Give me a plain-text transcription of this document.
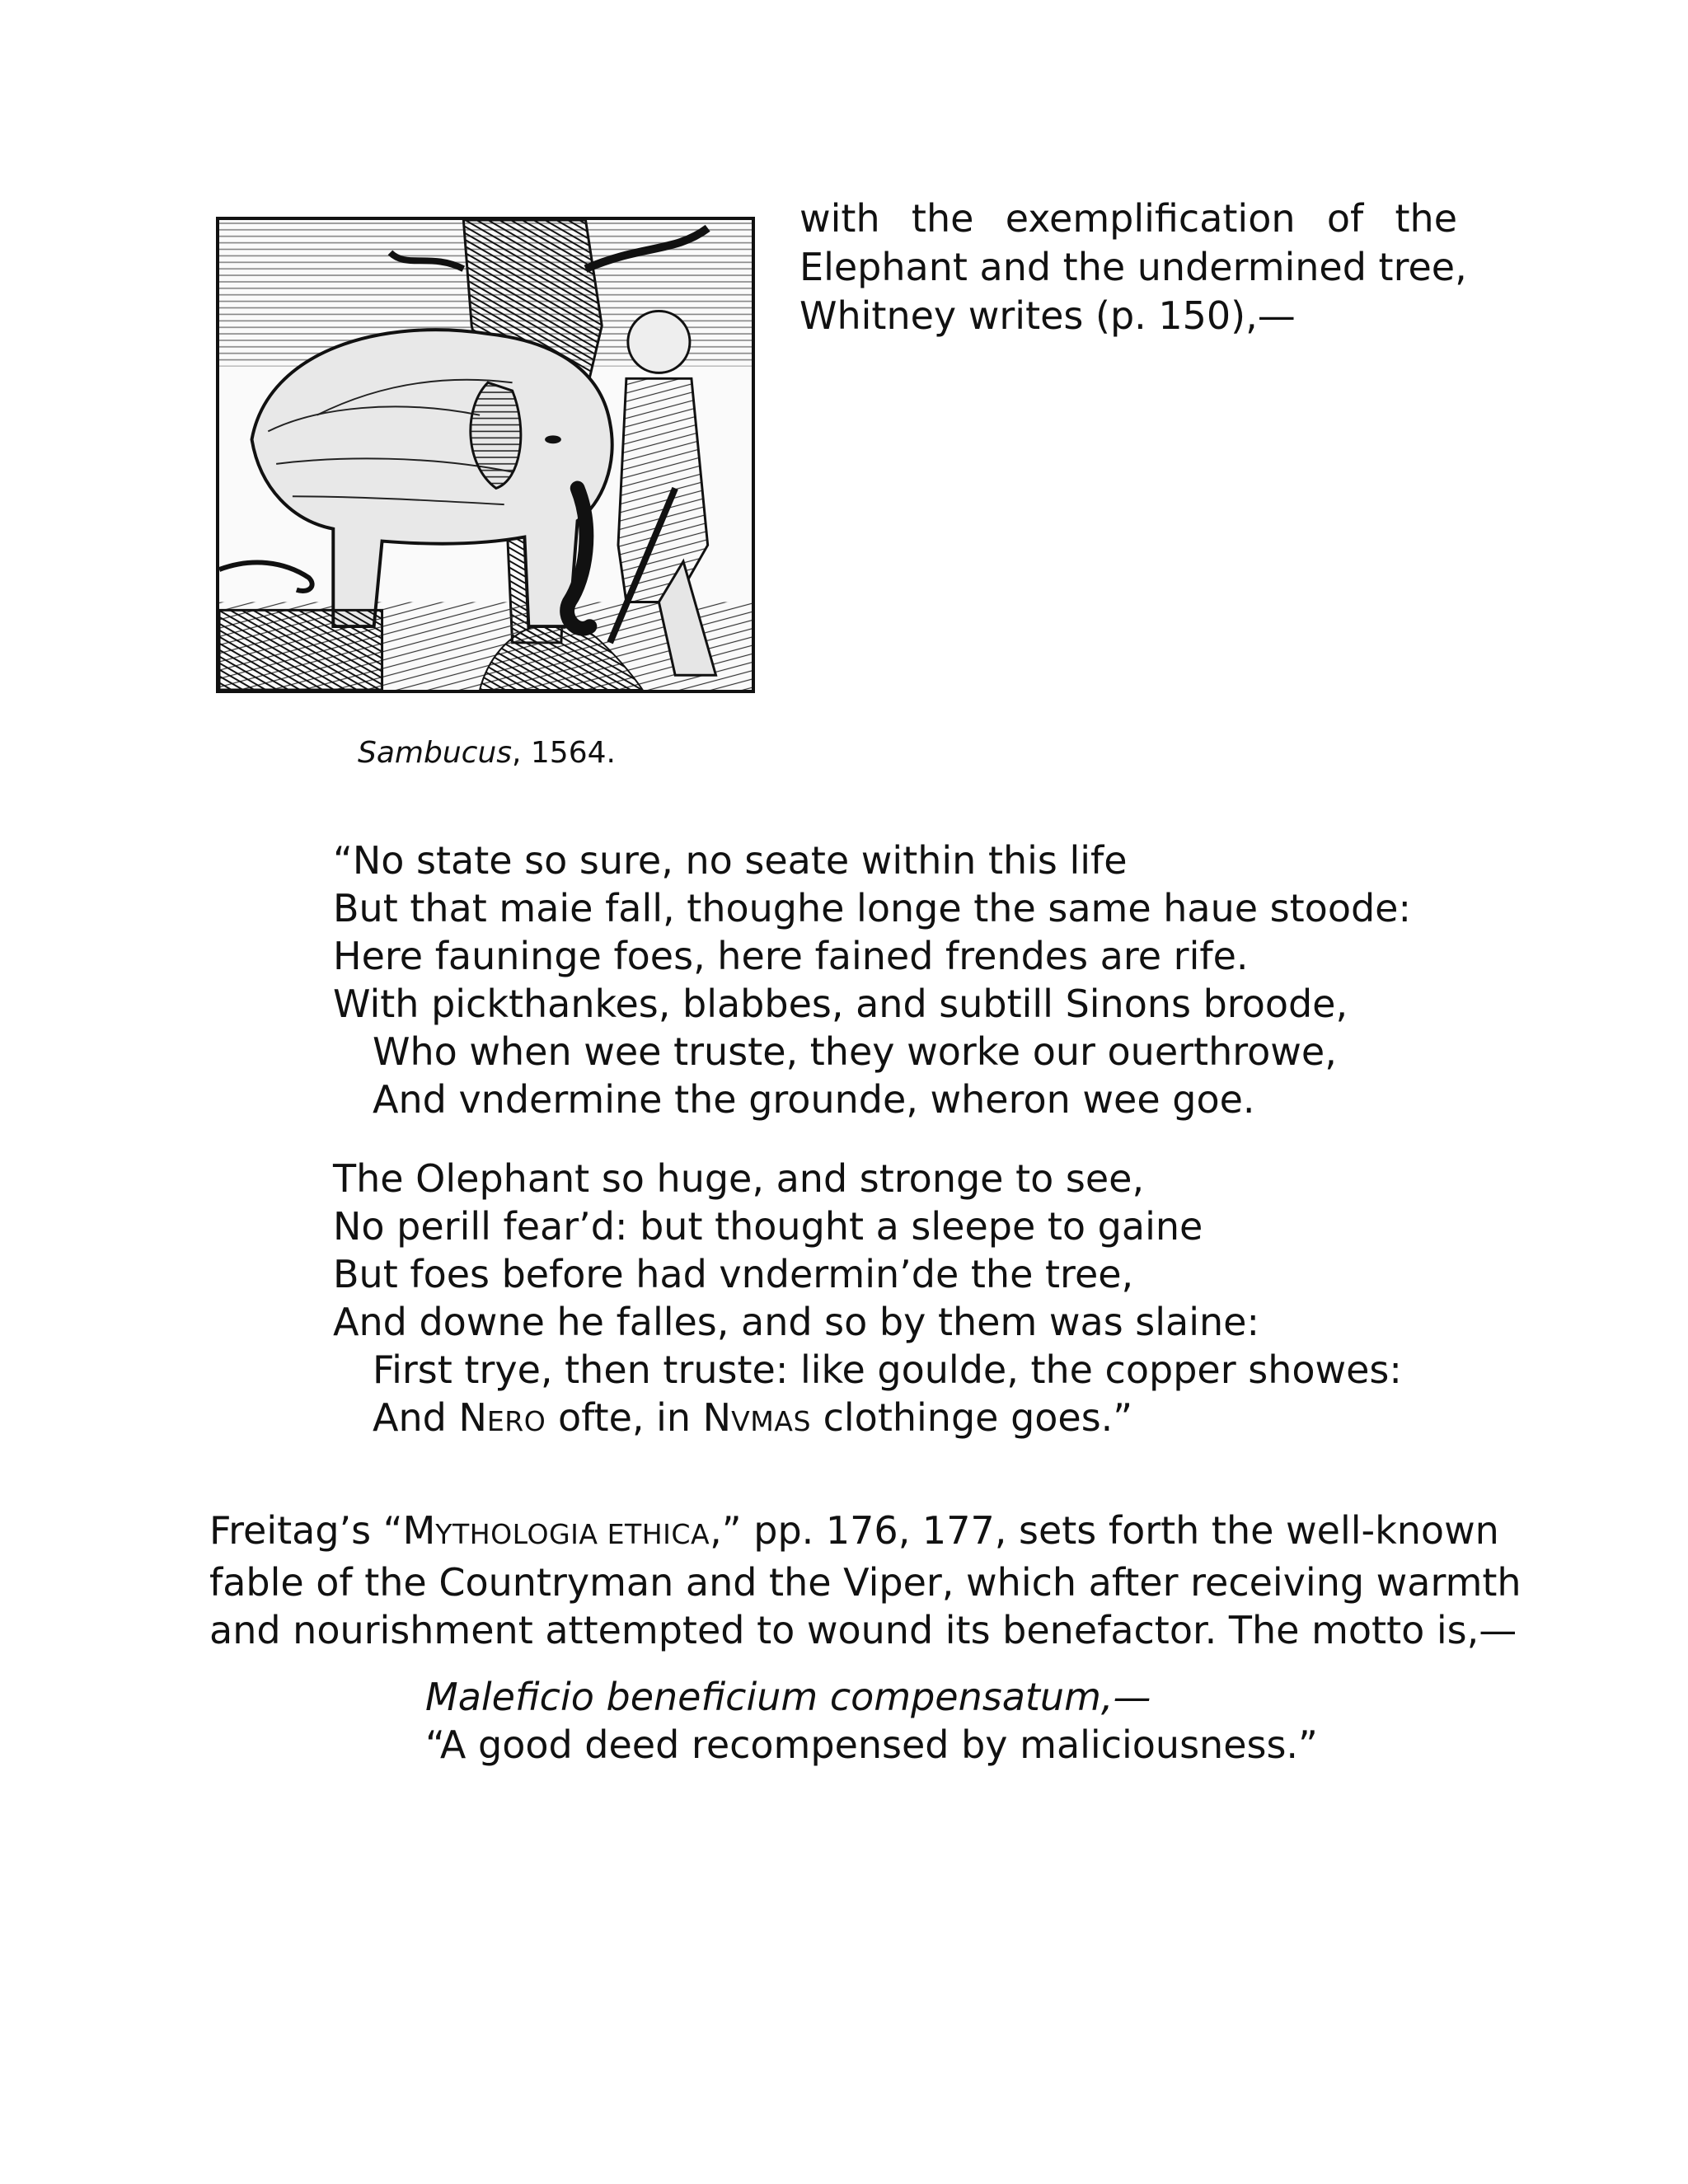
with the exemplification of the
Elephant and the undermined tree,
Whitney writes (p. 150),—
Sambucus, 1564.
“No state so sure, no seate within this life
But that maie fall, thoughe longe the same haue stoode:
Here fauninge foes, here fained frendes are rife.
With pickthankes, blabbes, and subtill Sinons broode,
Who when wee truste, they worke our ouerthrowe,
And vndermine the grounde, wheron wee goe.
The Olephant so huge, and stronge to see,
No perill fear’d: but thought a sleepe to gaine
But foes before had vndermin’de the tree,
And downe he falles, and so by them was slaine:
First trye, then truste: like goulde, the copper showes:
And NERO ofte, in NVMAS clothinge goes.”
Freitag’s “MYTHOLOGIA ETHICA,” pp. 176, 177, sets forth the well-known
fable of the Countryman and the Viper, which after receiving warmth
and nourishment attempted to wound its benefactor. The motto is,—
Maleficio beneficium compensatum,—
“A good deed recompensed by maliciousness.”
